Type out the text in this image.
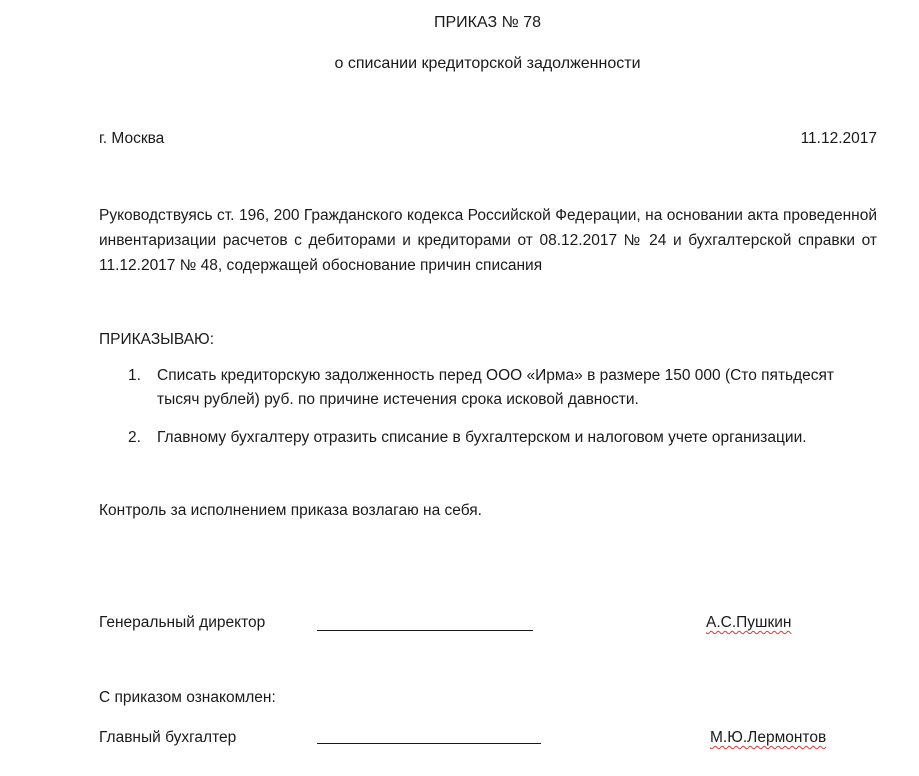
ПРИКАЗ № 78
о списании кредиторской задолженности
г. Москва	11.12.2017
Руководствуясь ст. 196, 200 Гражданского кодекса Российской Федерации, на основании акта проведенной инвентаризации расчетов с дебиторами и кредиторами от 08.12.2017 № 24 и бухгалтерской справки от 11.12.2017 № 48, содержащей обоснование причин списания
ПРИКАЗЫВАЮ:
1. Списать кредиторскую задолженность перед ООО «Ирма» в размере 150 000 (Сто пятьдесят тысяч рублей) руб. по причине истечения срока исковой давности.
2. Главному бухгалтеру отразить списание в бухгалтерском и налоговом учете организации.
Контроль за исполнением приказа возлагаю на себя.
Генеральный директор	А.С.Пушкин
С приказом ознакомлен:
Главный бухгалтер	М.Ю.Лермонтов
